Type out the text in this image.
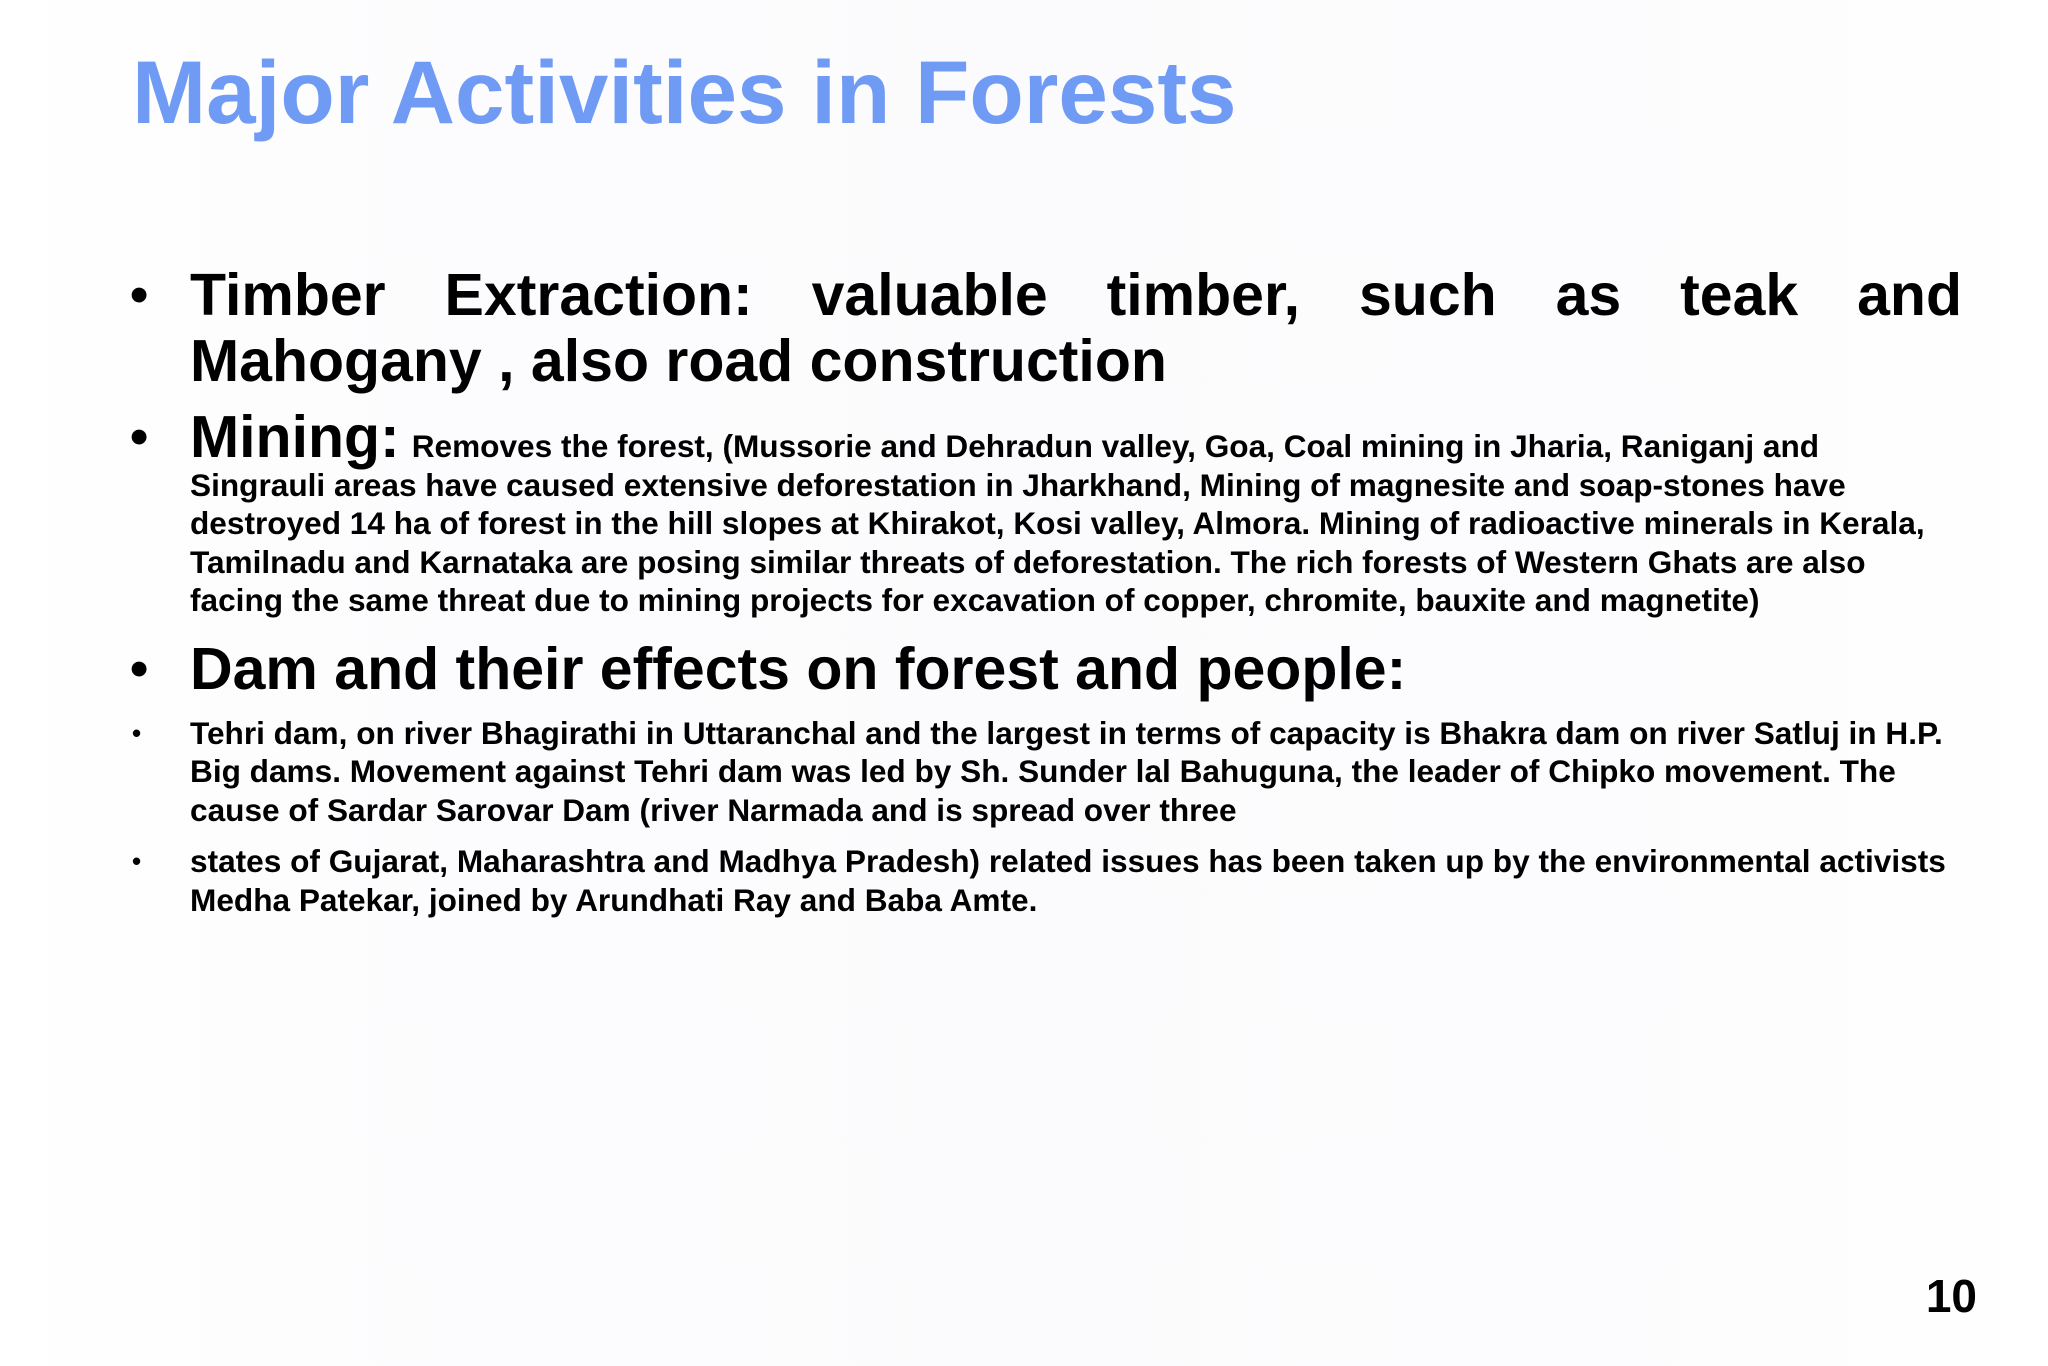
Major Activities in Forests
• Timber Extraction: valuable timber, such as teak and Mahogany , also road construction
• Mining: Removes the forest, (Mussorie and Dehradun valley, Goa, Coal mining in Jharia, Raniganj and Singrauli areas have caused extensive deforestation in Jharkhand, Mining of magnesite and soap-stones have destroyed 14 ha of forest in the hill slopes at Khirakot, Kosi valley, Almora. Mining of radioactive minerals in Kerala, Tamilnadu and Karnataka are posing similar threats of deforestation. The rich forests of Western Ghats are also facing the same threat due to mining projects for excavation of copper, chromite, bauxite and magnetite)
• Dam and their effects on forest and people:
• Tehri dam, on river Bhagirathi in Uttaranchal and the largest in terms of capacity is Bhakra dam on river Satluj in H.P. Big dams. Movement against Tehri dam was led by Sh. Sunder lal Bahuguna, the leader of Chipko movement. The cause of Sardar Sarovar Dam (river Narmada and is spread over three
• states of Gujarat, Maharashtra and Madhya Pradesh) related issues has been taken up by the environmental activists Medha Patekar, joined by Arundhati Ray and Baba Amte.
10
